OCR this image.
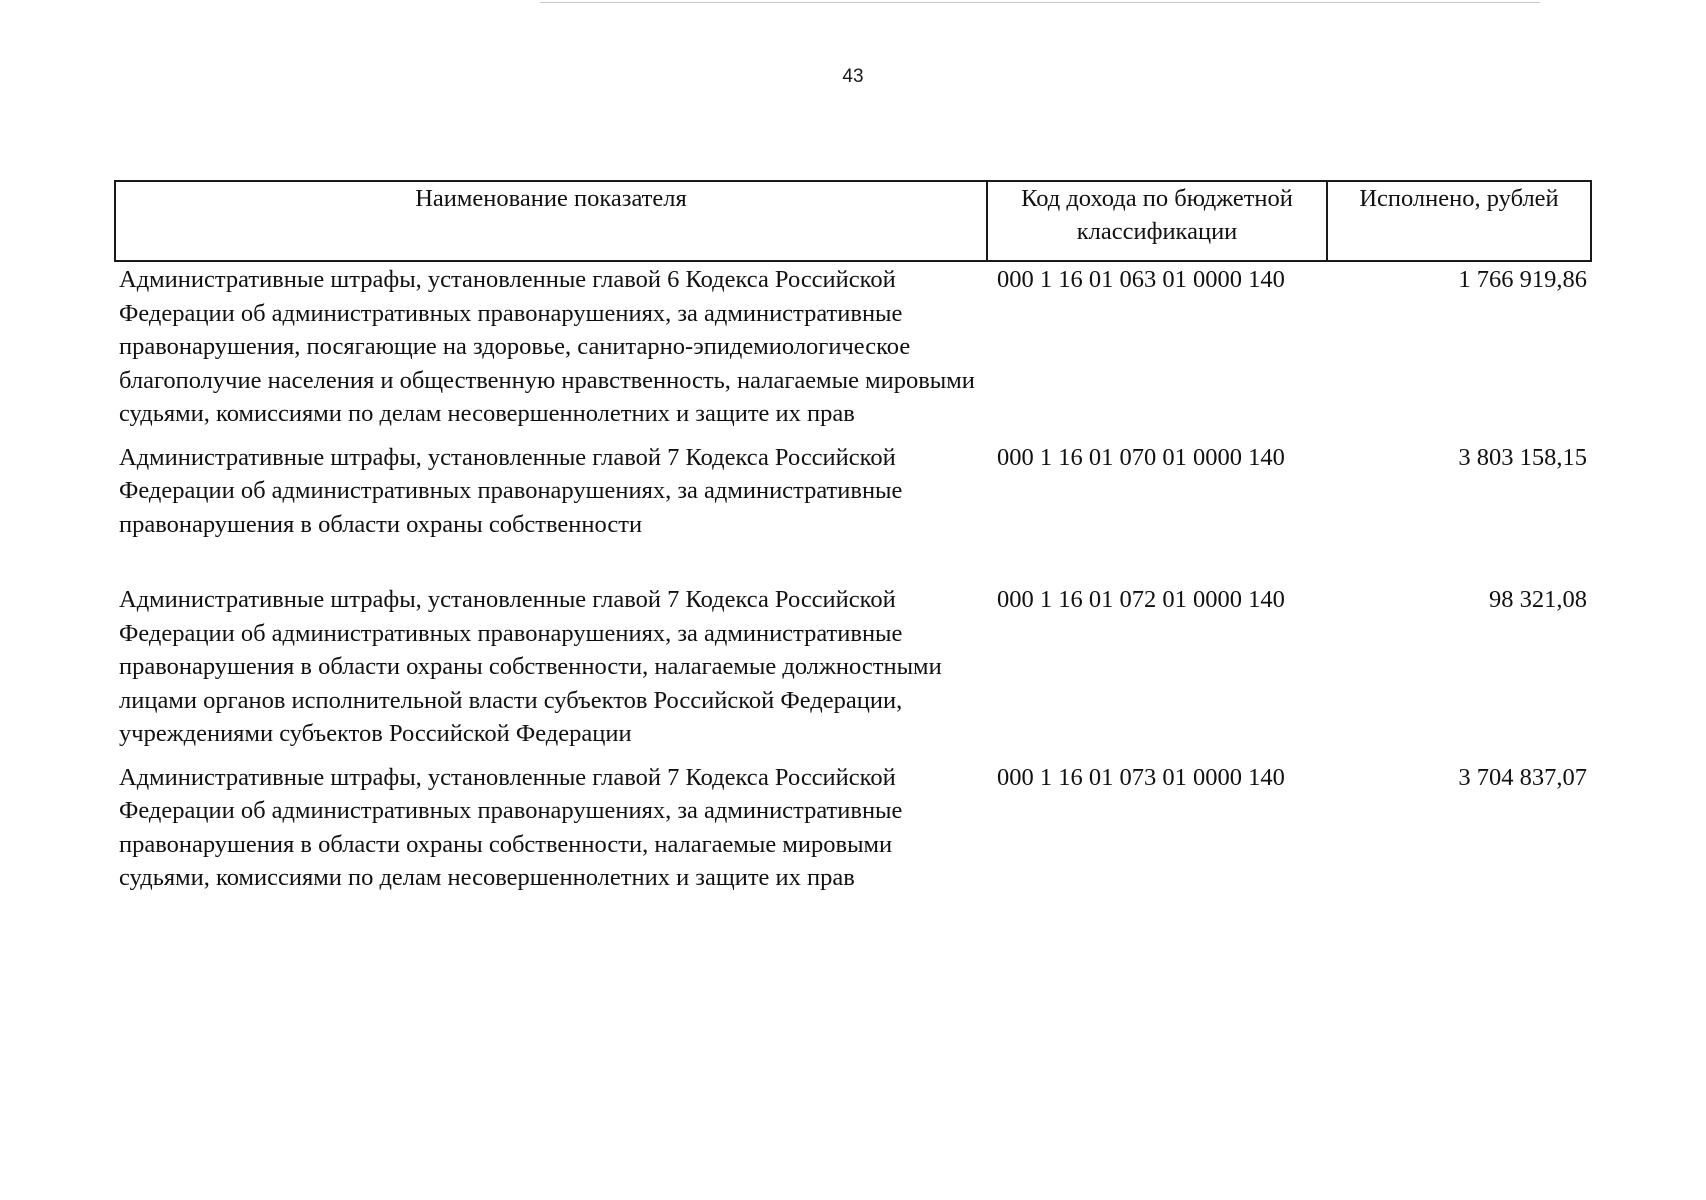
43
Наименование показателя	Код дохода по бюджетной классификации	Исполнено, рублей
Административные штрафы, установленные главой 6 Кодекса Российской Федерации об административных правонарушениях, за административные правонарушения, посягающие на здоровье, санитарно-эпидемиологическое благополучие населения и общественную нравственность, налагаемые мировыми судьями, комиссиями по делам несовершеннолетних и защите их прав	000 1 16 01 063 01 0000 140	1 766 919,86
Административные штрафы, установленные главой 7 Кодекса Российской Федерации об административных правонарушениях, за административные правонарушения в области охраны собственности	000 1 16 01 070 01 0000 140	3 803 158,15
Административные штрафы, установленные главой 7 Кодекса Российской Федерации об административных правонарушениях, за административные правонарушения в области охраны собственности, налагаемые должностными лицами органов исполнительной власти субъектов Российской Федерации, учреждениями субъектов Российской Федерации	000 1 16 01 072 01 0000 140	98 321,08
Административные штрафы, установленные главой 7 Кодекса Российской Федерации об административных правонарушениях, за административные правонарушения в области охраны собственности, налагаемые мировыми судьями, комиссиями по делам несовершеннолетних и защите их прав	000 1 16 01 073 01 0000 140	3 704 837,07
